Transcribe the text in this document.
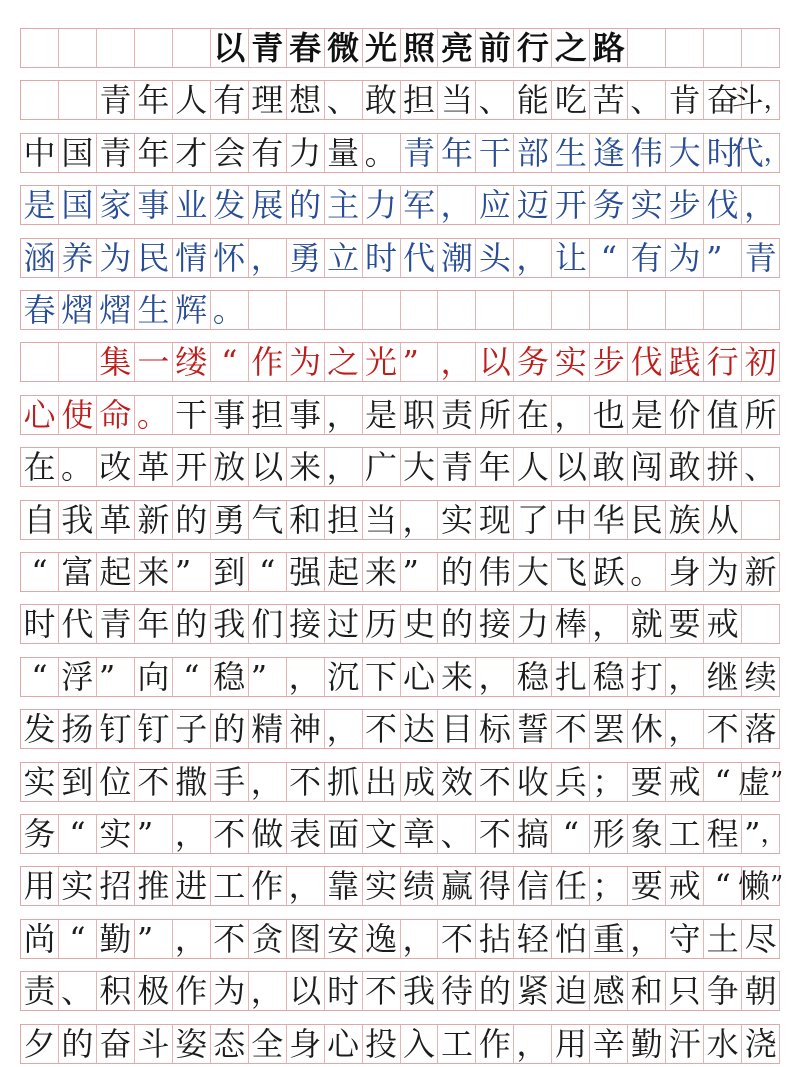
以 青 春 微 光 照 亮 前 行 之 路
青 年 人 有 理 想 、 敢 担 当 、 能 吃 苦 、 肯 奋
斗 ，
中 国 青 年 才 会 有 力 量 。 青 年 干 部 生 逢 伟 大 时
代 ，
是 国 家 事 业 发 展 的 主 力 军 ， 应 迈 开 务 实 步 伐 ，
涵 养 为 民 情 怀 ， 勇 立 时 代 潮 头 ， 让 “ 有 为 ” 青
春 熠 熠 生 辉 。
集 一 缕 “ 作 为 之 光 ” ， 以 务 实 步 伐 践 行 初
心 使 命 。 干 事 担 事 ， 是 职 责 所 在 ， 也 是 价 值 所
在 。 改 革 开 放 以 来 ， 广 大 青 年 人 以 敢 闯 敢 拼 、
自 我 革 新 的 勇 气 和 担 当 ， 实 现 了 中 华 民 族 从
“ 富 起 来 ” 到 “ 强 起 来 ” 的 伟 大 飞 跃 。 身 为 新
时 代 青 年 的 我 们 接 过 历 史 的 接 力 棒 ， 就 要 戒
“ 浮 ” 向 “ 稳 ” ， 沉 下 心 来 ， 稳 扎 稳 打 ， 继 续
发 扬 钉 钉 子 的 精 神 ， 不 达 目 标 誓 不 罢 休 ， 不 落
实 到 位 不 撒 手 ， 不 抓 出 成 效 不 收 兵 ； 要 戒 “ 虚 ”
务 “ 实 ” ， 不 做 表 面 文 章 、 不 搞 “ 形 象 工 程 ” ，
用 实 招 推 进 工 作 ， 靠 实 绩 赢 得 信 任 ； 要 戒 “ 懒 ”
尚 “ 勤 ” ， 不 贪 图 安 逸 ， 不 拈 轻 怕 重 ， 守 土 尽
责 、 积 极 作 为 ， 以 时 不 我 待 的 紧 迫 感 和 只 争 朝
夕 的 奋 斗 姿 态 全 身 心 投 入 工 作 ， 用 辛 勤 汗 水 浇
